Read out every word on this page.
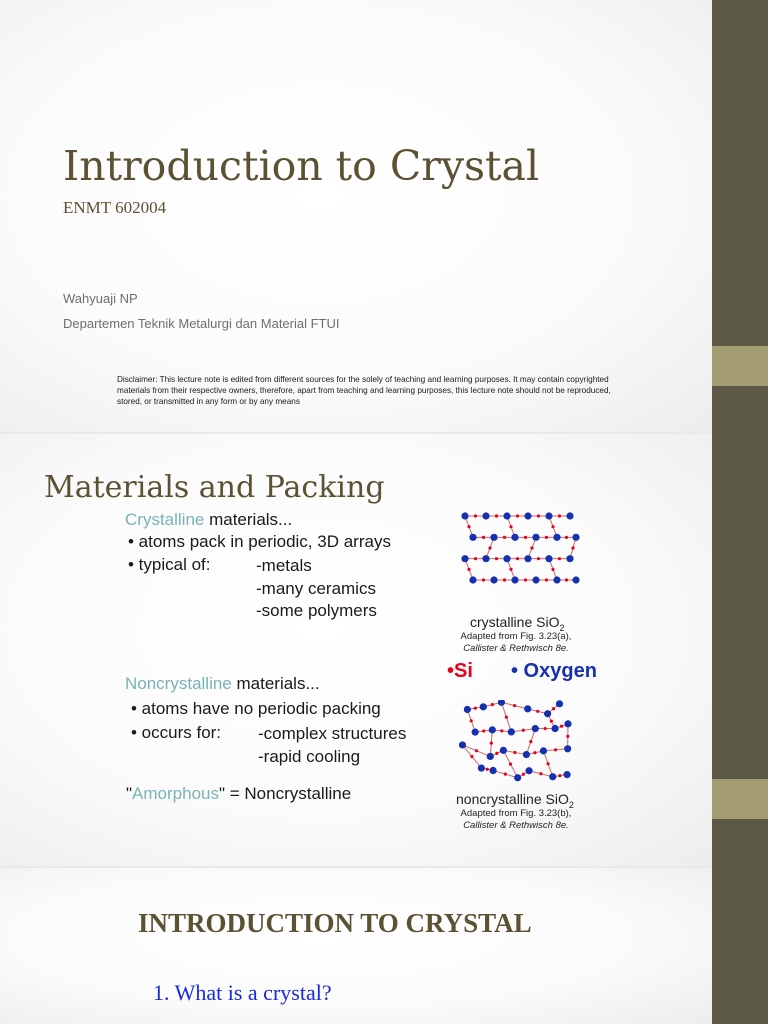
Introduction to Crystal
ENMT 602004
Wahyuaji NP
Departemen Teknik Metalurgi dan Material FTUI
Disclaimer: This lecture note is edited from different sources for the solely of teaching and learning purposes. It may contain copyrighted materials from their respective owners, therefore, apart from teaching and learning purposes, this lecture note should not be reproduced, stored, or transmitted in any form or by any means
Materials and Packing
Crystalline materials...
• atoms pack in periodic, 3D arrays
• typical of:	-metals
-many ceramics
-some polymers
Noncrystalline materials...
• atoms have no periodic packing
• occurs for: -complex structures
-rapid cooling
"Amorphous" = Noncrystalline
crystalline SiO$_2$
Adapted from Fig. 3.23(a),
Callister & Rethwisch 8e.
•Si • Oxygen
noncrystalline SiO$_2$
Adapted from Fig. 3.23(b),
Callister & Rethwisch 8e.
INTRODUCTION TO CRYSTAL
1. What is a crystal?
